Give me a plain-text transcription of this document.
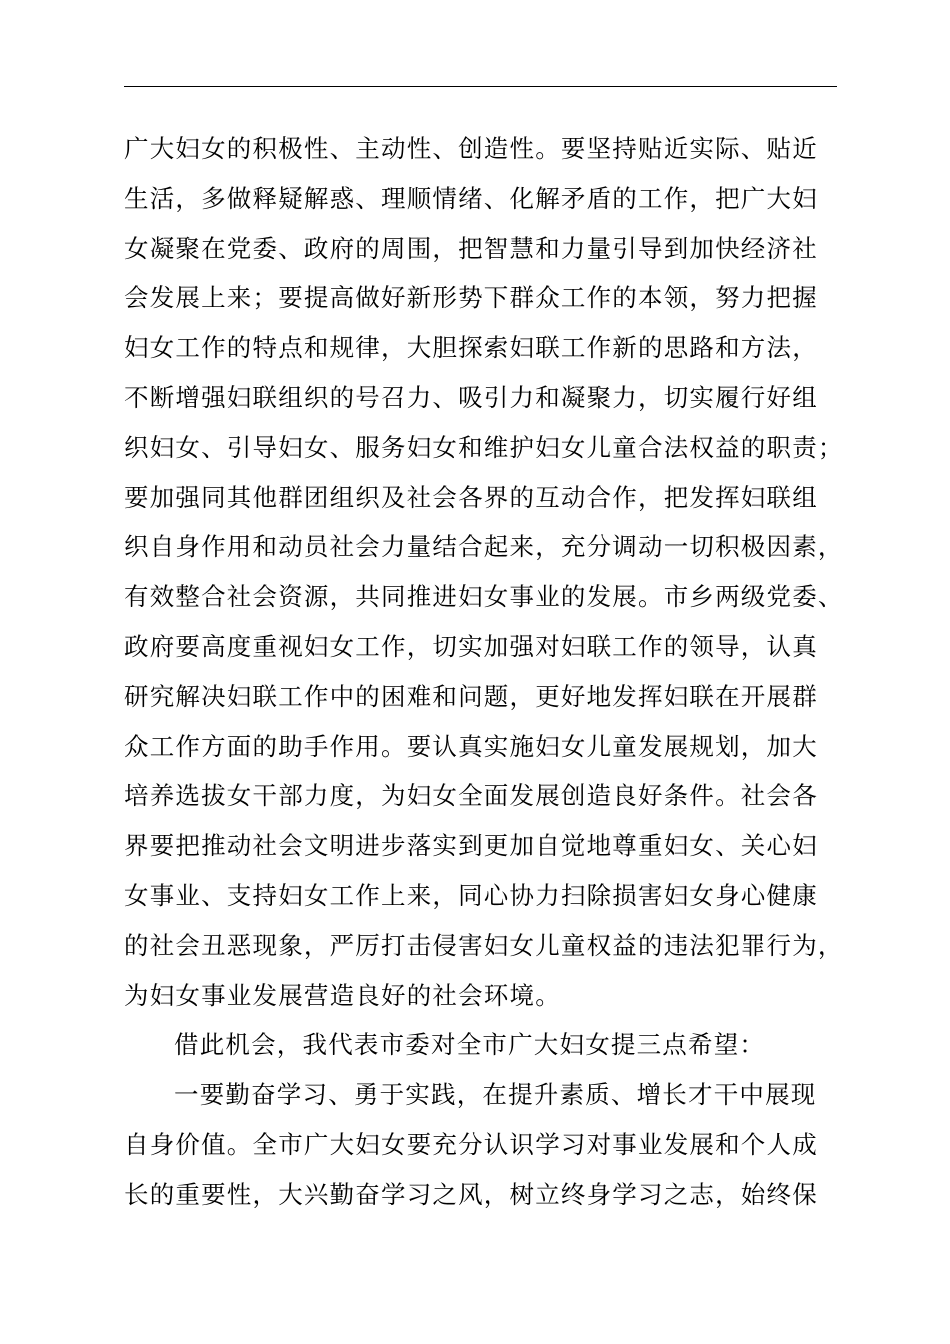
广大妇女的积极性、主动性、创造性。要坚持贴近实际、贴近
生活，多做释疑解惑、理顺情绪、化解矛盾的工作，把广大妇
女凝聚在党委、政府的周围，把智慧和力量引导到加快经济社
会发展上来；要提高做好新形势下群众工作的本领，努力把握
妇女工作的特点和规律，大胆探索妇联工作新的思路和方法，
不断增强妇联组织的号召力、吸引力和凝聚力，切实履行好组
织妇女、引导妇女、服务妇女和维护妇女儿童合法权益的职责；
要加强同其他群团组织及社会各界的互动合作，把发挥妇联组
织自身作用和动员社会力量结合起来，充分调动一切积极因素，
有效整合社会资源，共同推进妇女事业的发展。市乡两级党委、
政府要高度重视妇女工作，切实加强对妇联工作的领导，认真
研究解决妇联工作中的困难和问题，更好地发挥妇联在开展群
众工作方面的助手作用。要认真实施妇女儿童发展规划，加大
培养选拔女干部力度，为妇女全面发展创造良好条件。社会各
界要把推动社会文明进步落实到更加自觉地尊重妇女、关心妇
女事业、支持妇女工作上来，同心协力扫除损害妇女身心健康
的社会丑恶现象，严厉打击侵害妇女儿童权益的违法犯罪行为，
为妇女事业发展营造良好的社会环境。
借此机会，我代表市委对全市广大妇女提三点希望：
一要勤奋学习、勇于实践，在提升素质、增长才干中展现
自身价值。全市广大妇女要充分认识学习对事业发展和个人成
长的重要性，大兴勤奋学习之风，树立终身学习之志，始终保
